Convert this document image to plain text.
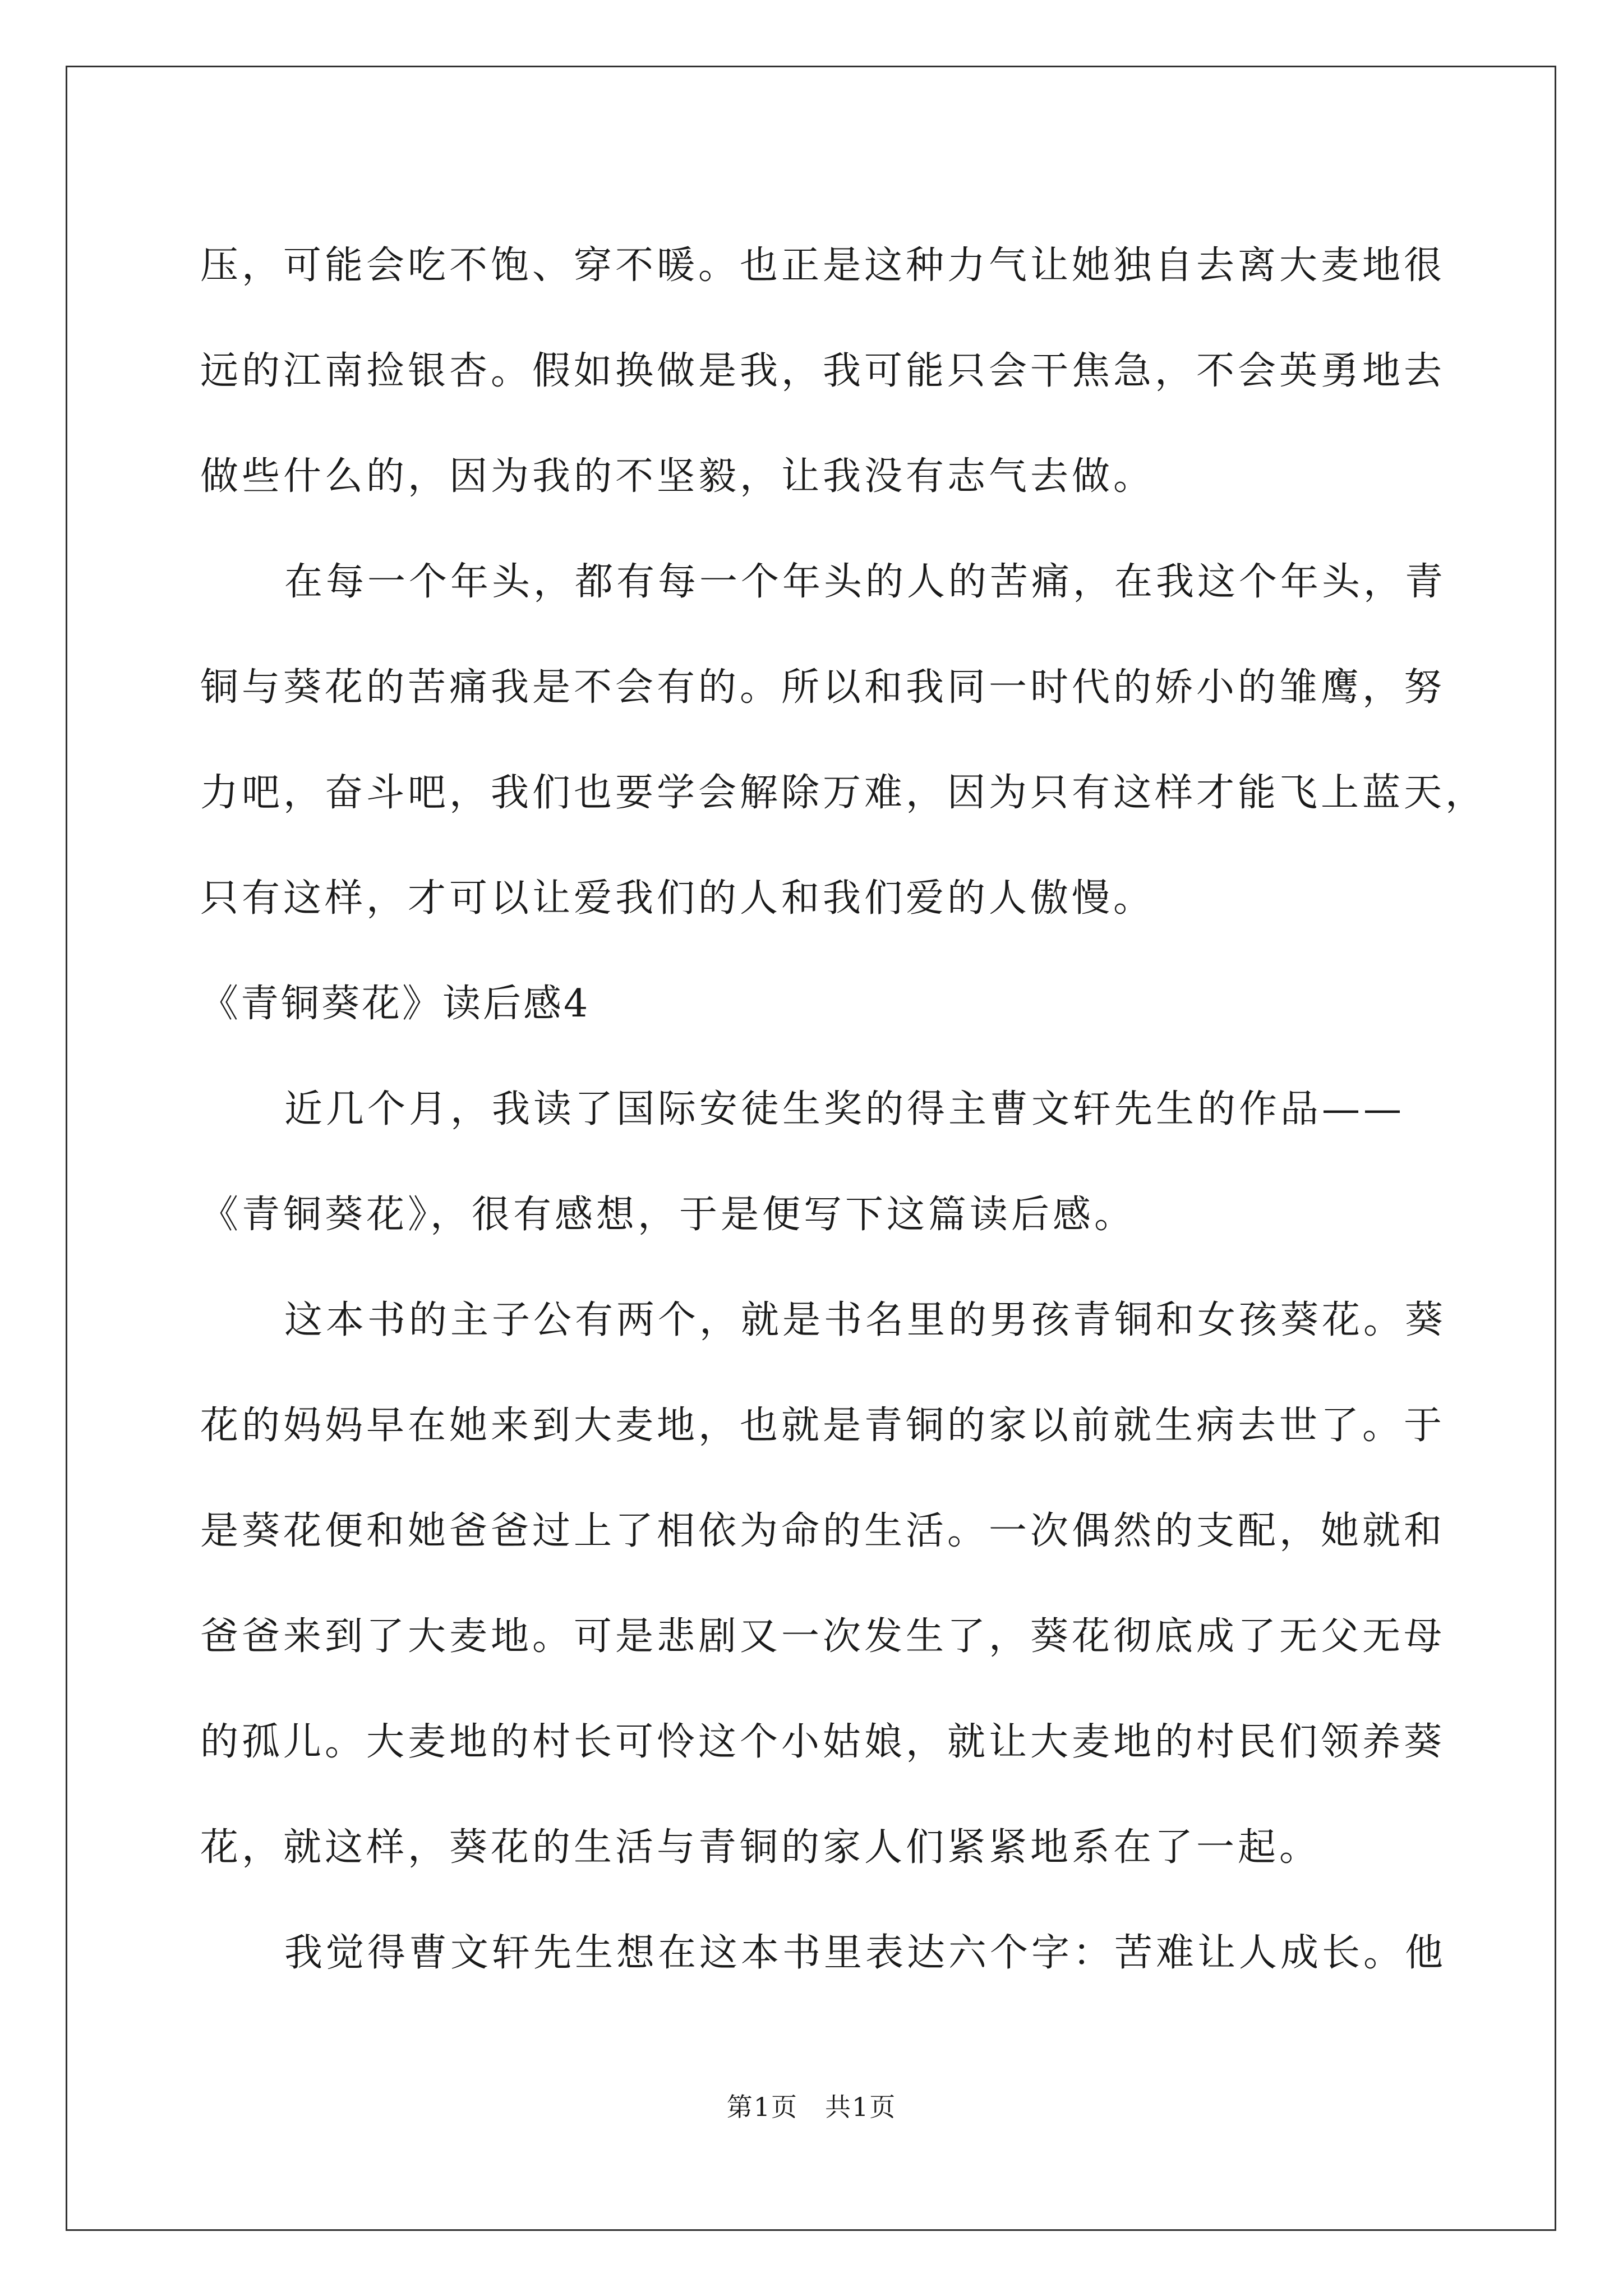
压，可能会吃不饱、穿不暖。也正是这种力气让她独自去离大麦地很
远的江南捡银杏。假如换做是我，我可能只会干焦急，不会英勇地去
做些什么的，因为我的不坚毅，让我没有志气去做。
在每一个年头，都有每一个年头的人的苦痛，在我这个年头，青
铜与葵花的苦痛我是不会有的。所以和我同一时代的娇小的雏鹰，努
力吧，奋斗吧，我们也要学会解除万难，因为只有这样才能飞上蓝天，
只有这样，才可以让爱我们的人和我们爱的人傲慢。
《青铜葵花》读后感4
近几个月，我读了国际安徒生奖的得主曹文轩先生的作品——
《青铜葵花》，很有感想，于是便写下这篇读后感。
这本书的主子公有两个，就是书名里的男孩青铜和女孩葵花。葵
花的妈妈早在她来到大麦地，也就是青铜的家以前就生病去世了。于
是葵花便和她爸爸过上了相依为命的生活。一次偶然的支配，她就和
爸爸来到了大麦地。可是悲剧又一次发生了，葵花彻底成了无父无母
的孤儿。大麦地的村长可怜这个小姑娘，就让大麦地的村民们领养葵
花，就这样，葵花的生活与青铜的家人们紧紧地系在了一起。
我觉得曹文轩先生想在这本书里表达六个字：苦难让人成长。他
第1页　共1页
